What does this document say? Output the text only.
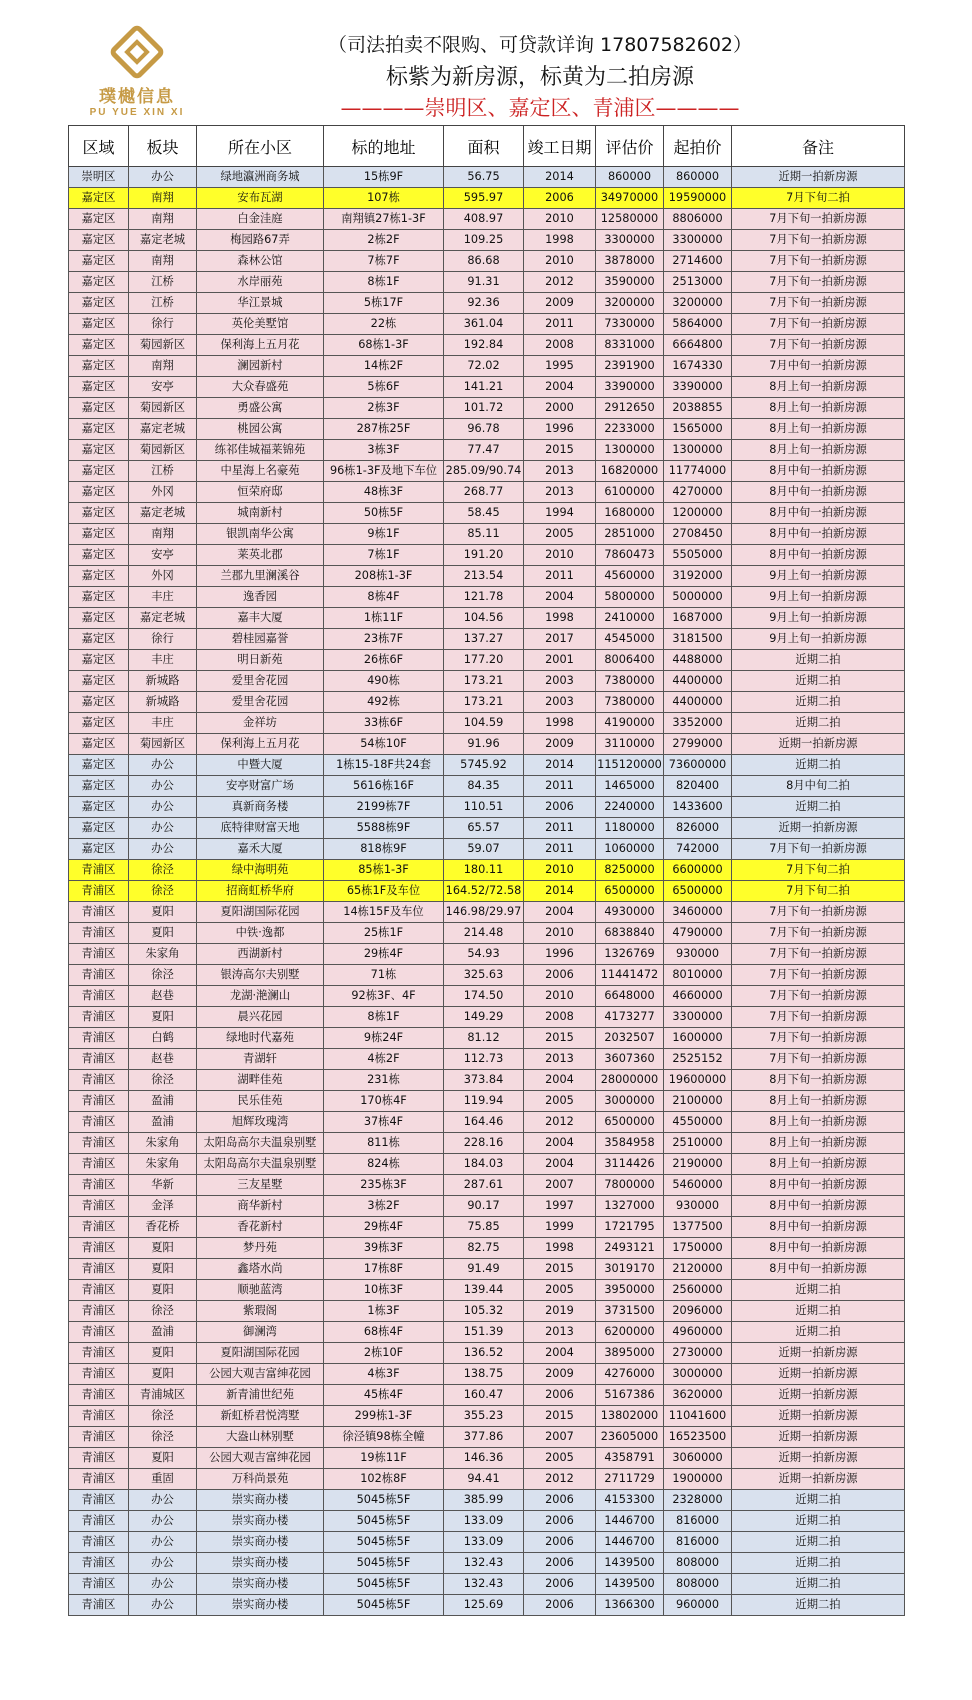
璞樾信息
PU YUE XIN XI
（司法拍卖不限购、可贷款详询 17807582602）
标紫为新房源，标黄为二拍房源
————崇明区、嘉定区、青浦区————
区域	板块	所在小区	标的地址	面积	竣工日期	评估价	起拍价	备注
崇明区	办公	绿地瀛洲商务城	15栋9F	56.75	2014	860000	860000	近期一拍新房源
嘉定区	南翔	安布瓦湖	107栋	595.97	2006	34970000	19590000	7月下旬二拍
嘉定区	南翔	白金洼庭	南翔镇27栋1-3F	408.97	2010	12580000	8806000	7月下旬一拍新房源
嘉定区	嘉定老城	梅园路67弄	2栋2F	109.25	1998	3300000	3300000	7月下旬一拍新房源
嘉定区	南翔	森林公馆	7栋7F	86.68	2010	3878000	2714600	7月下旬一拍新房源
嘉定区	江桥	水岸丽苑	8栋1F	91.31	2012	3590000	2513000	7月下旬一拍新房源
嘉定区	江桥	华江景城	5栋17F	92.36	2009	3200000	3200000	7月下旬一拍新房源
嘉定区	徐行	英伦美墅馆	22栋	361.04	2011	7330000	5864000	7月下旬一拍新房源
嘉定区	菊园新区	保利海上五月花	68栋1-3F	192.84	2008	8331000	6664800	7月下旬一拍新房源
嘉定区	南翔	澜园新村	14栋2F	72.02	1995	2391900	1674330	7月中旬一拍新房源
嘉定区	安亭	大众春盛苑	5栋6F	141.21	2004	3390000	3390000	8月上旬一拍新房源
嘉定区	菊园新区	勇盛公寓	2栋3F	101.72	2000	2912650	2038855	8月上旬一拍新房源
嘉定区	嘉定老城	桃园公寓	287栋25F	96.78	1996	2233000	1565000	8月上旬一拍新房源
嘉定区	菊园新区	练祁佳城福莱锦苑	3栋3F	77.47	2015	1300000	1300000	8月上旬一拍新房源
嘉定区	江桥	中星海上名豪苑	96栋1-3F及地下车位	285.09/90.74	2013	16820000	11774000	8月中旬一拍新房源
嘉定区	外冈	恒荣府邸	48栋3F	268.77	2013	6100000	4270000	8月中旬一拍新房源
嘉定区	嘉定老城	城南新村	50栋5F	58.45	1994	1680000	1200000	8月中旬一拍新房源
嘉定区	南翔	银凯南华公寓	9栋1F	85.11	2005	2851000	2708450	8月中旬一拍新房源
嘉定区	安亭	莱英北郡	7栋1F	191.20	2010	7860473	5505000	8月中旬一拍新房源
嘉定区	外冈	兰郡九里澜溪谷	208栋1-3F	213.54	2011	4560000	3192000	9月上旬一拍新房源
嘉定区	丰庄	逸香园	8栋4F	121.78	2004	5800000	5000000	9月上旬一拍新房源
嘉定区	嘉定老城	嘉丰大厦	1栋11F	104.56	1998	2410000	1687000	9月上旬一拍新房源
嘉定区	徐行	碧桂园嘉誉	23栋7F	137.27	2017	4545000	3181500	9月上旬一拍新房源
嘉定区	丰庄	明日新苑	26栋6F	177.20	2001	8006400	4488000	近期二拍
嘉定区	新城路	爱里舍花园	490栋	173.21	2003	7380000	4400000	近期二拍
嘉定区	新城路	爱里舍花园	492栋	173.21	2003	7380000	4400000	近期二拍
嘉定区	丰庄	金祥坊	33栋6F	104.59	1998	4190000	3352000	近期二拍
嘉定区	菊园新区	保利海上五月花	54栋10F	91.96	2009	3110000	2799000	近期一拍新房源
嘉定区	办公	中暨大厦	1栋15-18F共24套	5745.92	2014	115120000	73600000	近期二拍
嘉定区	办公	安亭财富广场	5616栋16F	84.35	2011	1465000	820400	8月中旬二拍
嘉定区	办公	真新商务楼	2199栋7F	110.51	2006	2240000	1433600	近期二拍
嘉定区	办公	底特律财富天地	5588栋9F	65.57	2011	1180000	826000	近期一拍新房源
嘉定区	办公	嘉禾大厦	818栋9F	59.07	2011	1060000	742000	7月下旬一拍新房源
青浦区	徐泾	绿中海明苑	85栋1-3F	180.11	2010	8250000	6600000	7月下旬二拍
青浦区	徐泾	招商虹桥华府	65栋1F及车位	164.52/72.58	2014	6500000	6500000	7月下旬二拍
青浦区	夏阳	夏阳湖国际花园	14栋15F及车位	146.98/29.97	2004	4930000	3460000	7月下旬一拍新房源
青浦区	夏阳	中铁·逸都	25栋1F	214.48	2010	6838840	4790000	7月下旬一拍新房源
青浦区	朱家角	西湖新村	29栋4F	54.93	1996	1326769	930000	7月下旬一拍新房源
青浦区	徐泾	银涛高尔夫别墅	71栋	325.63	2006	11441472	8010000	7月下旬一拍新房源
青浦区	赵巷	龙湖·滟澜山	92栋3F、4F	174.50	2010	6648000	4660000	7月下旬一拍新房源
青浦区	夏阳	晨兴花园	8栋1F	149.29	2008	4173277	3300000	7月下旬一拍新房源
青浦区	白鹤	绿地时代嘉苑	9栋24F	81.12	2015	2032507	1600000	7月下旬一拍新房源
青浦区	赵巷	青湖轩	4栋2F	112.73	2013	3607360	2525152	7月下旬一拍新房源
青浦区	徐泾	湖畔佳苑	231栋	373.84	2004	28000000	19600000	8月下旬一拍新房源
青浦区	盈浦	民乐佳苑	170栋4F	119.94	2005	3000000	2100000	8月上旬一拍新房源
青浦区	盈浦	旭辉玫瑰湾	37栋4F	164.46	2012	6500000	4550000	8月上旬一拍新房源
青浦区	朱家角	太阳岛高尔夫温泉别墅	811栋	228.16	2004	3584958	2510000	8月上旬一拍新房源
青浦区	朱家角	太阳岛高尔夫温泉别墅	824栋	184.03	2004	3114426	2190000	8月上旬一拍新房源
青浦区	华新	三友星墅	235栋3F	287.61	2007	7800000	5460000	8月中旬一拍新房源
青浦区	金泽	商华新村	3栋2F	90.17	1997	1327000	930000	8月中旬一拍新房源
青浦区	香花桥	香花新村	29栋4F	75.85	1999	1721795	1377500	8月中旬一拍新房源
青浦区	夏阳	梦丹苑	39栋3F	82.75	1998	2493121	1750000	8月中旬一拍新房源
青浦区	夏阳	鑫塔水尚	17栋8F	91.49	2015	3019170	2120000	8月中旬一拍新房源
青浦区	夏阳	顺驰蓝湾	10栋3F	139.44	2005	3950000	2560000	近期二拍
青浦区	徐泾	紫瑕阁	1栋3F	105.32	2019	3731500	2096000	近期二拍
青浦区	盈浦	御澜湾	68栋4F	151.39	2013	6200000	4960000	近期二拍
青浦区	夏阳	夏阳湖国际花园	2栋10F	136.52	2004	3895000	2730000	近期一拍新房源
青浦区	夏阳	公园大观吉富绅花园	4栋3F	138.75	2009	4276000	3000000	近期一拍新房源
青浦区	青浦城区	新青浦世纪苑	45栋4F	160.47	2006	5167386	3620000	近期一拍新房源
青浦区	徐泾	新虹桥君悦湾墅	299栋1-3F	355.23	2015	13802000	11041600	近期一拍新房源
青浦区	徐泾	大盎山林别墅	徐泾镇98栋全幢	377.86	2007	23605000	16523500	近期一拍新房源
青浦区	夏阳	公园大观吉富绅花园	19栋11F	146.36	2005	4358791	3060000	近期一拍新房源
青浦区	重固	万科尚景苑	102栋8F	94.41	2012	2711729	1900000	近期一拍新房源
青浦区	办公	崇实商办楼	5045栋5F	385.99	2006	4153300	2328000	近期二拍
青浦区	办公	崇实商办楼	5045栋5F	133.09	2006	1446700	816000	近期二拍
青浦区	办公	崇实商办楼	5045栋5F	133.09	2006	1446700	816000	近期二拍
青浦区	办公	崇实商办楼	5045栋5F	132.43	2006	1439500	808000	近期二拍
青浦区	办公	崇实商办楼	5045栋5F	132.43	2006	1439500	808000	近期二拍
青浦区	办公	崇实商办楼	5045栋5F	125.69	2006	1366300	960000	近期二拍
